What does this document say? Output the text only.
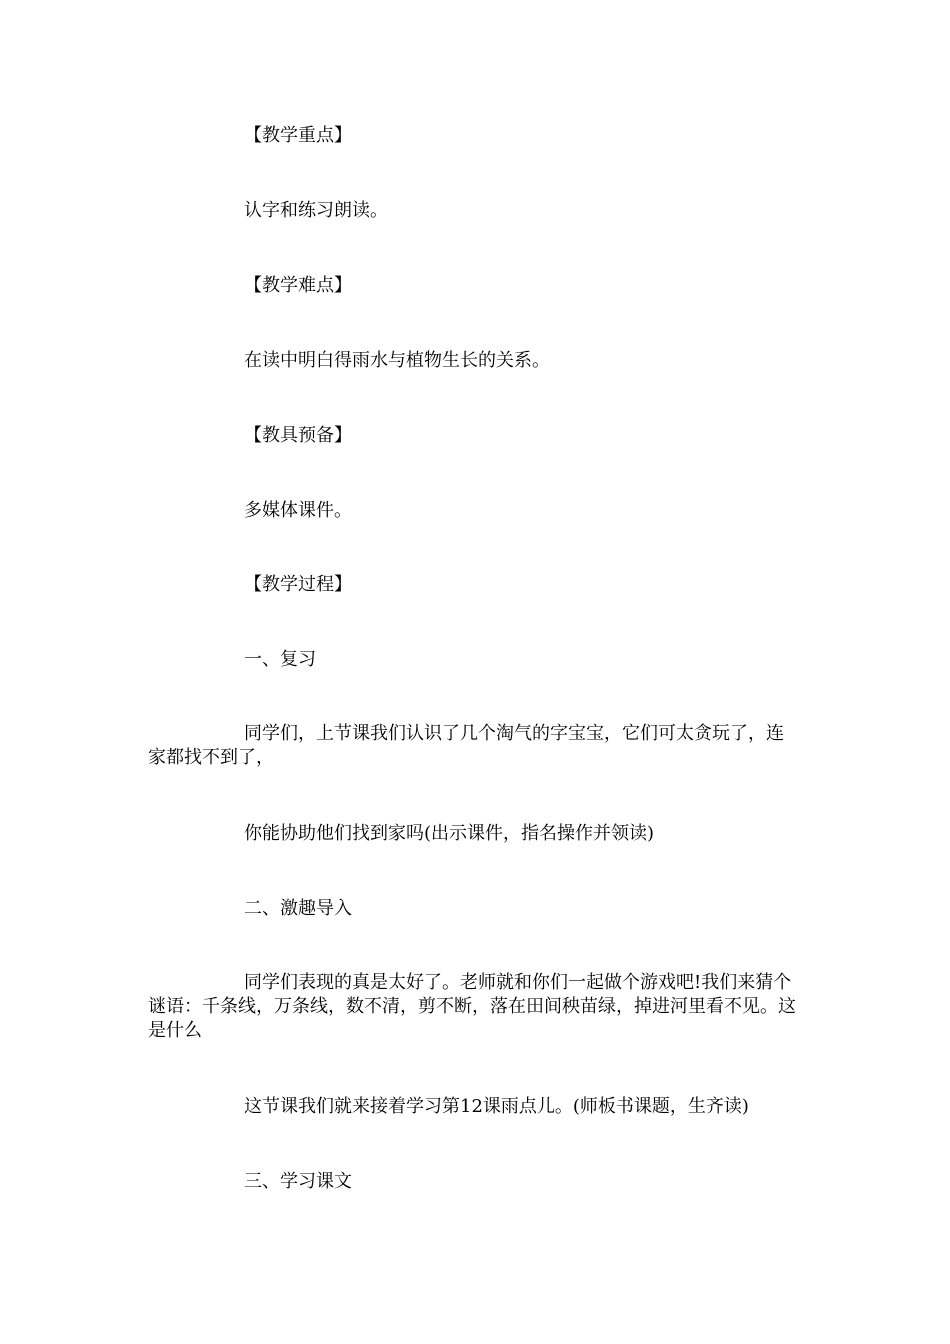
【教学重点】

认字和练习朗读。

【教学难点】

在读中明白得雨水与植物生长的关系。

【教具预备】

多媒体课件。

【教学过程】

一、复习

同学们，上节课我们认识了几个淘气的字宝宝，它们可太贪玩了，连家都找不到了，

你能协助他们找到家吗(出示课件，指名操作并领读)

二、激趣导入

同学们表现的真是太好了。老师就和你们一起做个游戏吧!我们来猜个谜语：千条线，万条线，数不清，剪不断，落在田间秧苗绿，掉进河里看不见。这是什么

这节课我们就来接着学习第12课雨点儿。(师板书课题，生齐读)

三、学习课文
